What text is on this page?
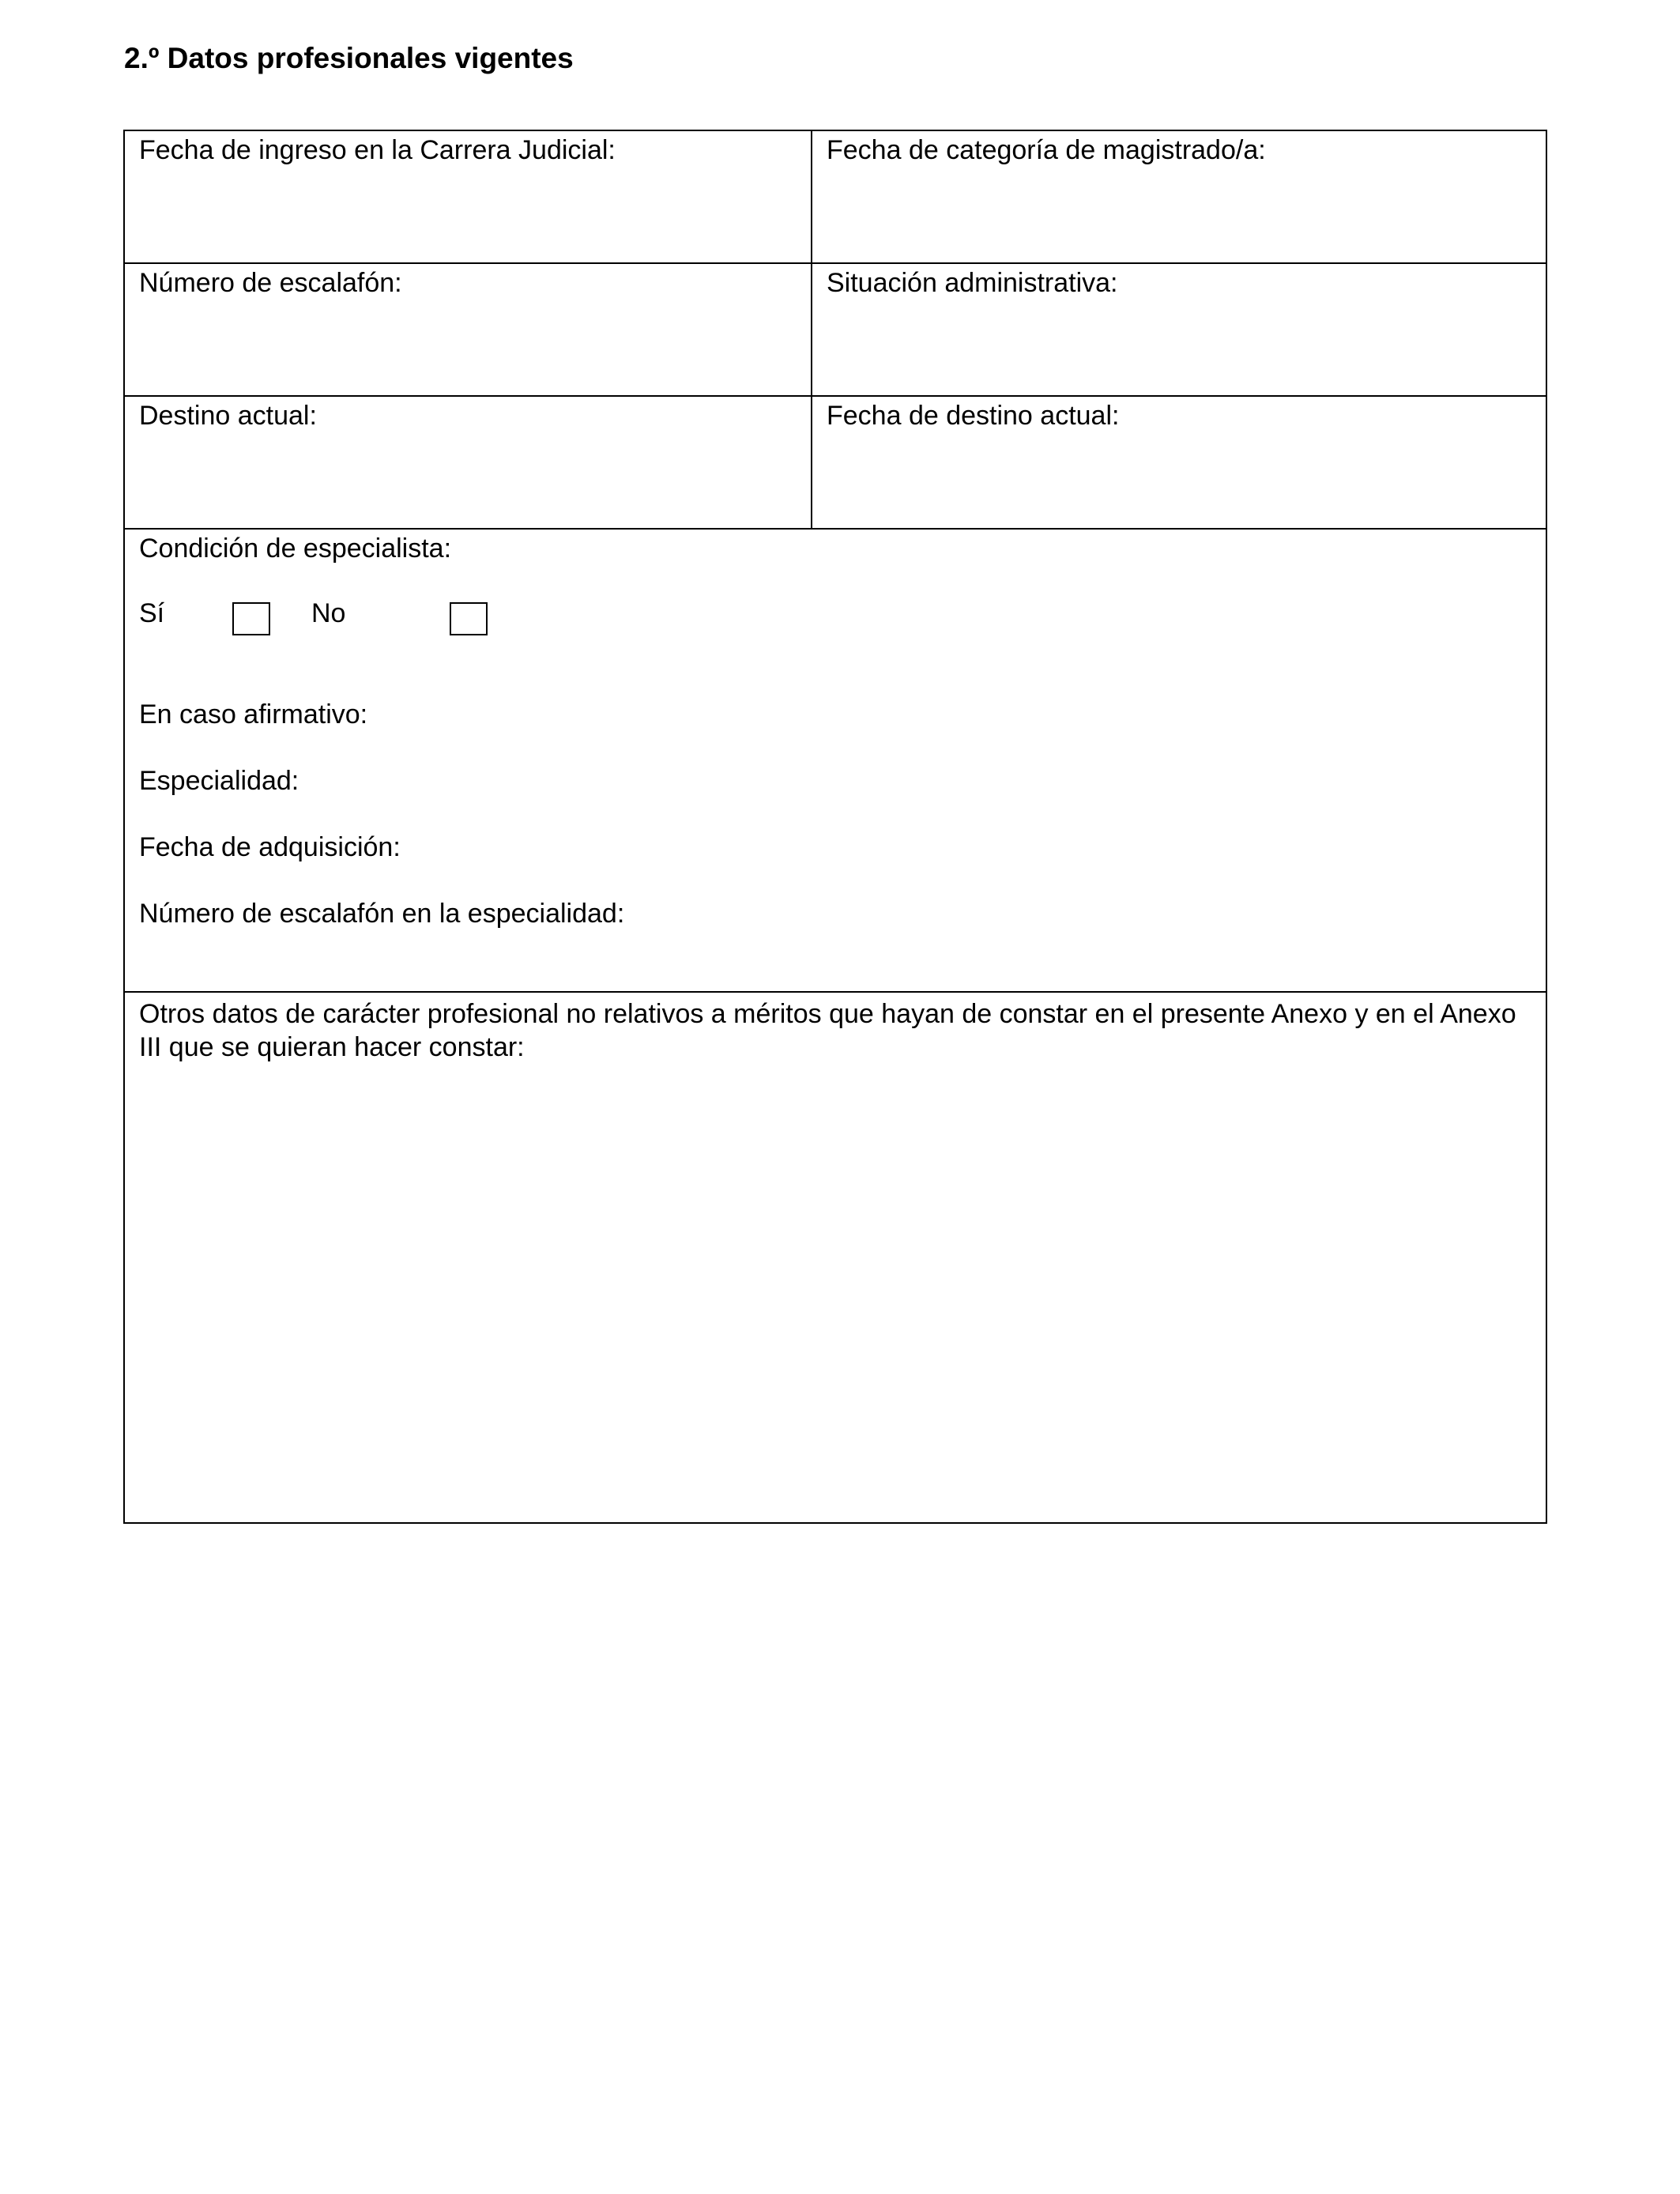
2.º Datos profesionales vigentes
Fecha de ingreso en la Carrera Judicial:	Fecha de categoría de magistrado/a:
Número de escalafón:	Situación administrativa:
Destino actual:	Fecha de destino actual:
Condición de especialista:
Sí	No
En caso afirmativo:
Especialidad:
Fecha de adquisición:
Número de escalafón en la especialidad:
Otros datos de carácter profesional no relativos a méritos que hayan de constar en el presente Anexo y en el Anexo III que se quieran hacer constar:
